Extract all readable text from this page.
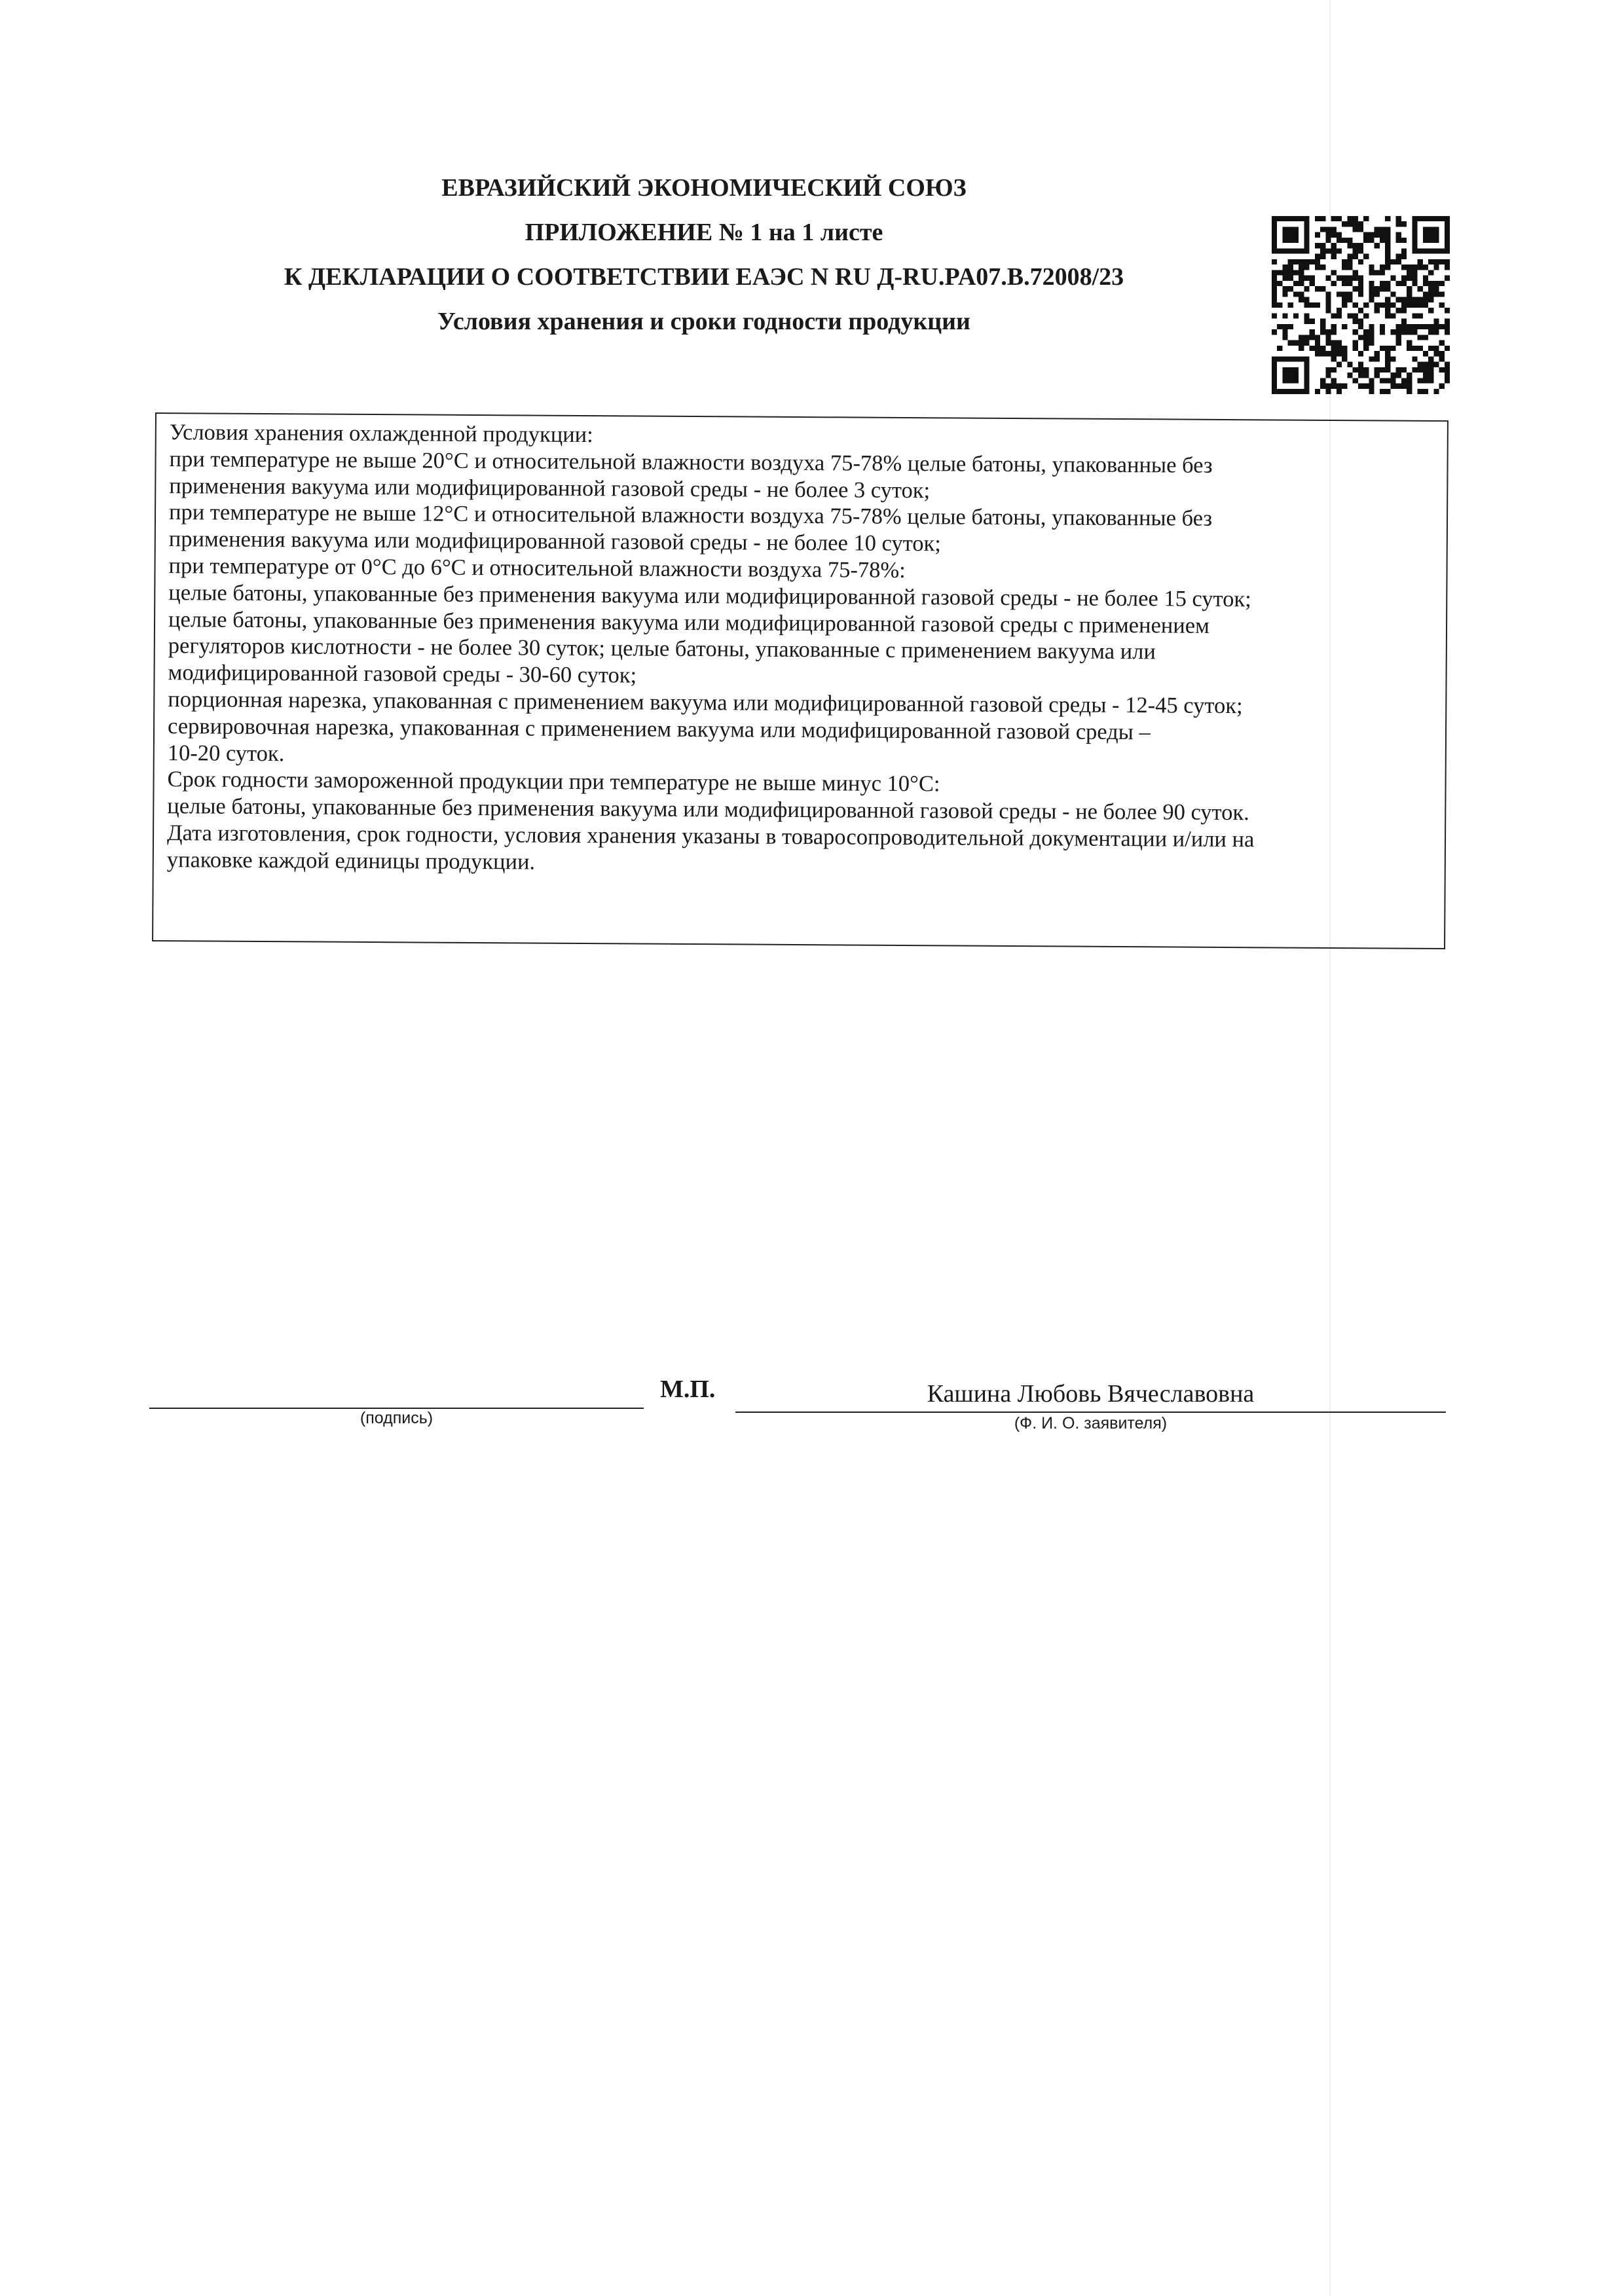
ЕВРАЗИЙСКИЙ ЭКОНОМИЧЕСКИЙ СОЮЗ
ПРИЛОЖЕНИЕ № 1 на 1 листе
К ДЕКЛАРАЦИИ О СООТВЕТСТВИИ ЕАЭС N RU Д-RU.PA07.B.72008/23
Условия хранения и сроки годности продукции
Условия хранения охлажденной продукции:
при температуре не выше 20°С и относительной влажности воздуха 75-78% целые батоны, упакованные без
применения вакуума или модифицированной газовой среды - не более 3 суток;
при температуре не выше 12°С и относительной влажности воздуха 75-78% целые батоны, упакованные без
применения вакуума или модифицированной газовой среды - не более 10 суток;
при температуре от 0°С до 6°С и относительной влажности воздуха 75-78%:
целые батоны, упакованные без применения вакуума или модифицированной газовой среды - не более 15 суток;
целые батоны, упакованные без применения вакуума или модифицированной газовой среды с применением
регуляторов кислотности - не более 30 суток; целые батоны, упакованные с применением вакуума или
модифицированной газовой среды - 30-60 суток;
порционная нарезка, упакованная с применением вакуума или модифицированной газовой среды - 12-45 суток;
сервировочная нарезка, упакованная с применением вакуума или модифицированной газовой среды –
10-20 суток.
Срок годности замороженной продукции при температуре не выше минус 10°С:
целые батоны, упакованные без применения вакуума или модифицированной газовой среды - не более 90 суток.
Дата изготовления, срок годности, условия хранения указаны в товаросопроводительной документации и/или на
упаковке каждой единицы продукции.
(подпись)
М.П.	Кашина Любовь Вячеславовна
(Ф. И. О. заявителя)
